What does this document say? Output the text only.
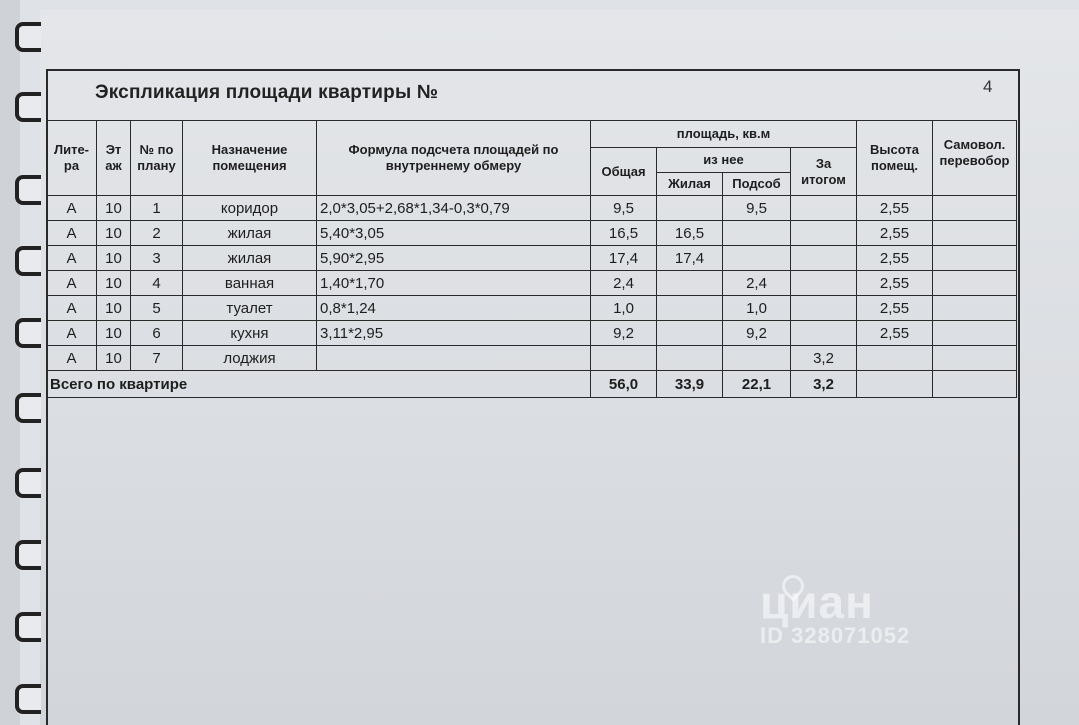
Экспликация площади квартиры №	4
Лите-ра	Эт аж	№ по плану	Назначение помещения	Формула подсчета площадей по внутреннему обмеру	площадь, кв.м				Высота помещ.	Самовол. перевобор
					Общая	из нее		За итогом		
						Жилая	Подсоб			
А	10	1	коридор	2,0*3,05+2,68*1,34-0,3*0,79	9,5		9,5		2,55	
А	10	2	жилая	5,40*3,05	16,5	16,5			2,55	
А	10	3	жилая	5,90*2,95	17,4	17,4			2,55	
А	10	4	ванная	1,40*1,70	2,4		2,4		2,55	
А	10	5	туалет	0,8*1,24	1,0		1,0		2,55	
А	10	6	кухня	3,11*2,95	9,2		9,2		2,55	
А	10	7	лоджия					3,2		
Всего по квартире					56,0	33,9	22,1	3,2		
циан
ID 328071052
